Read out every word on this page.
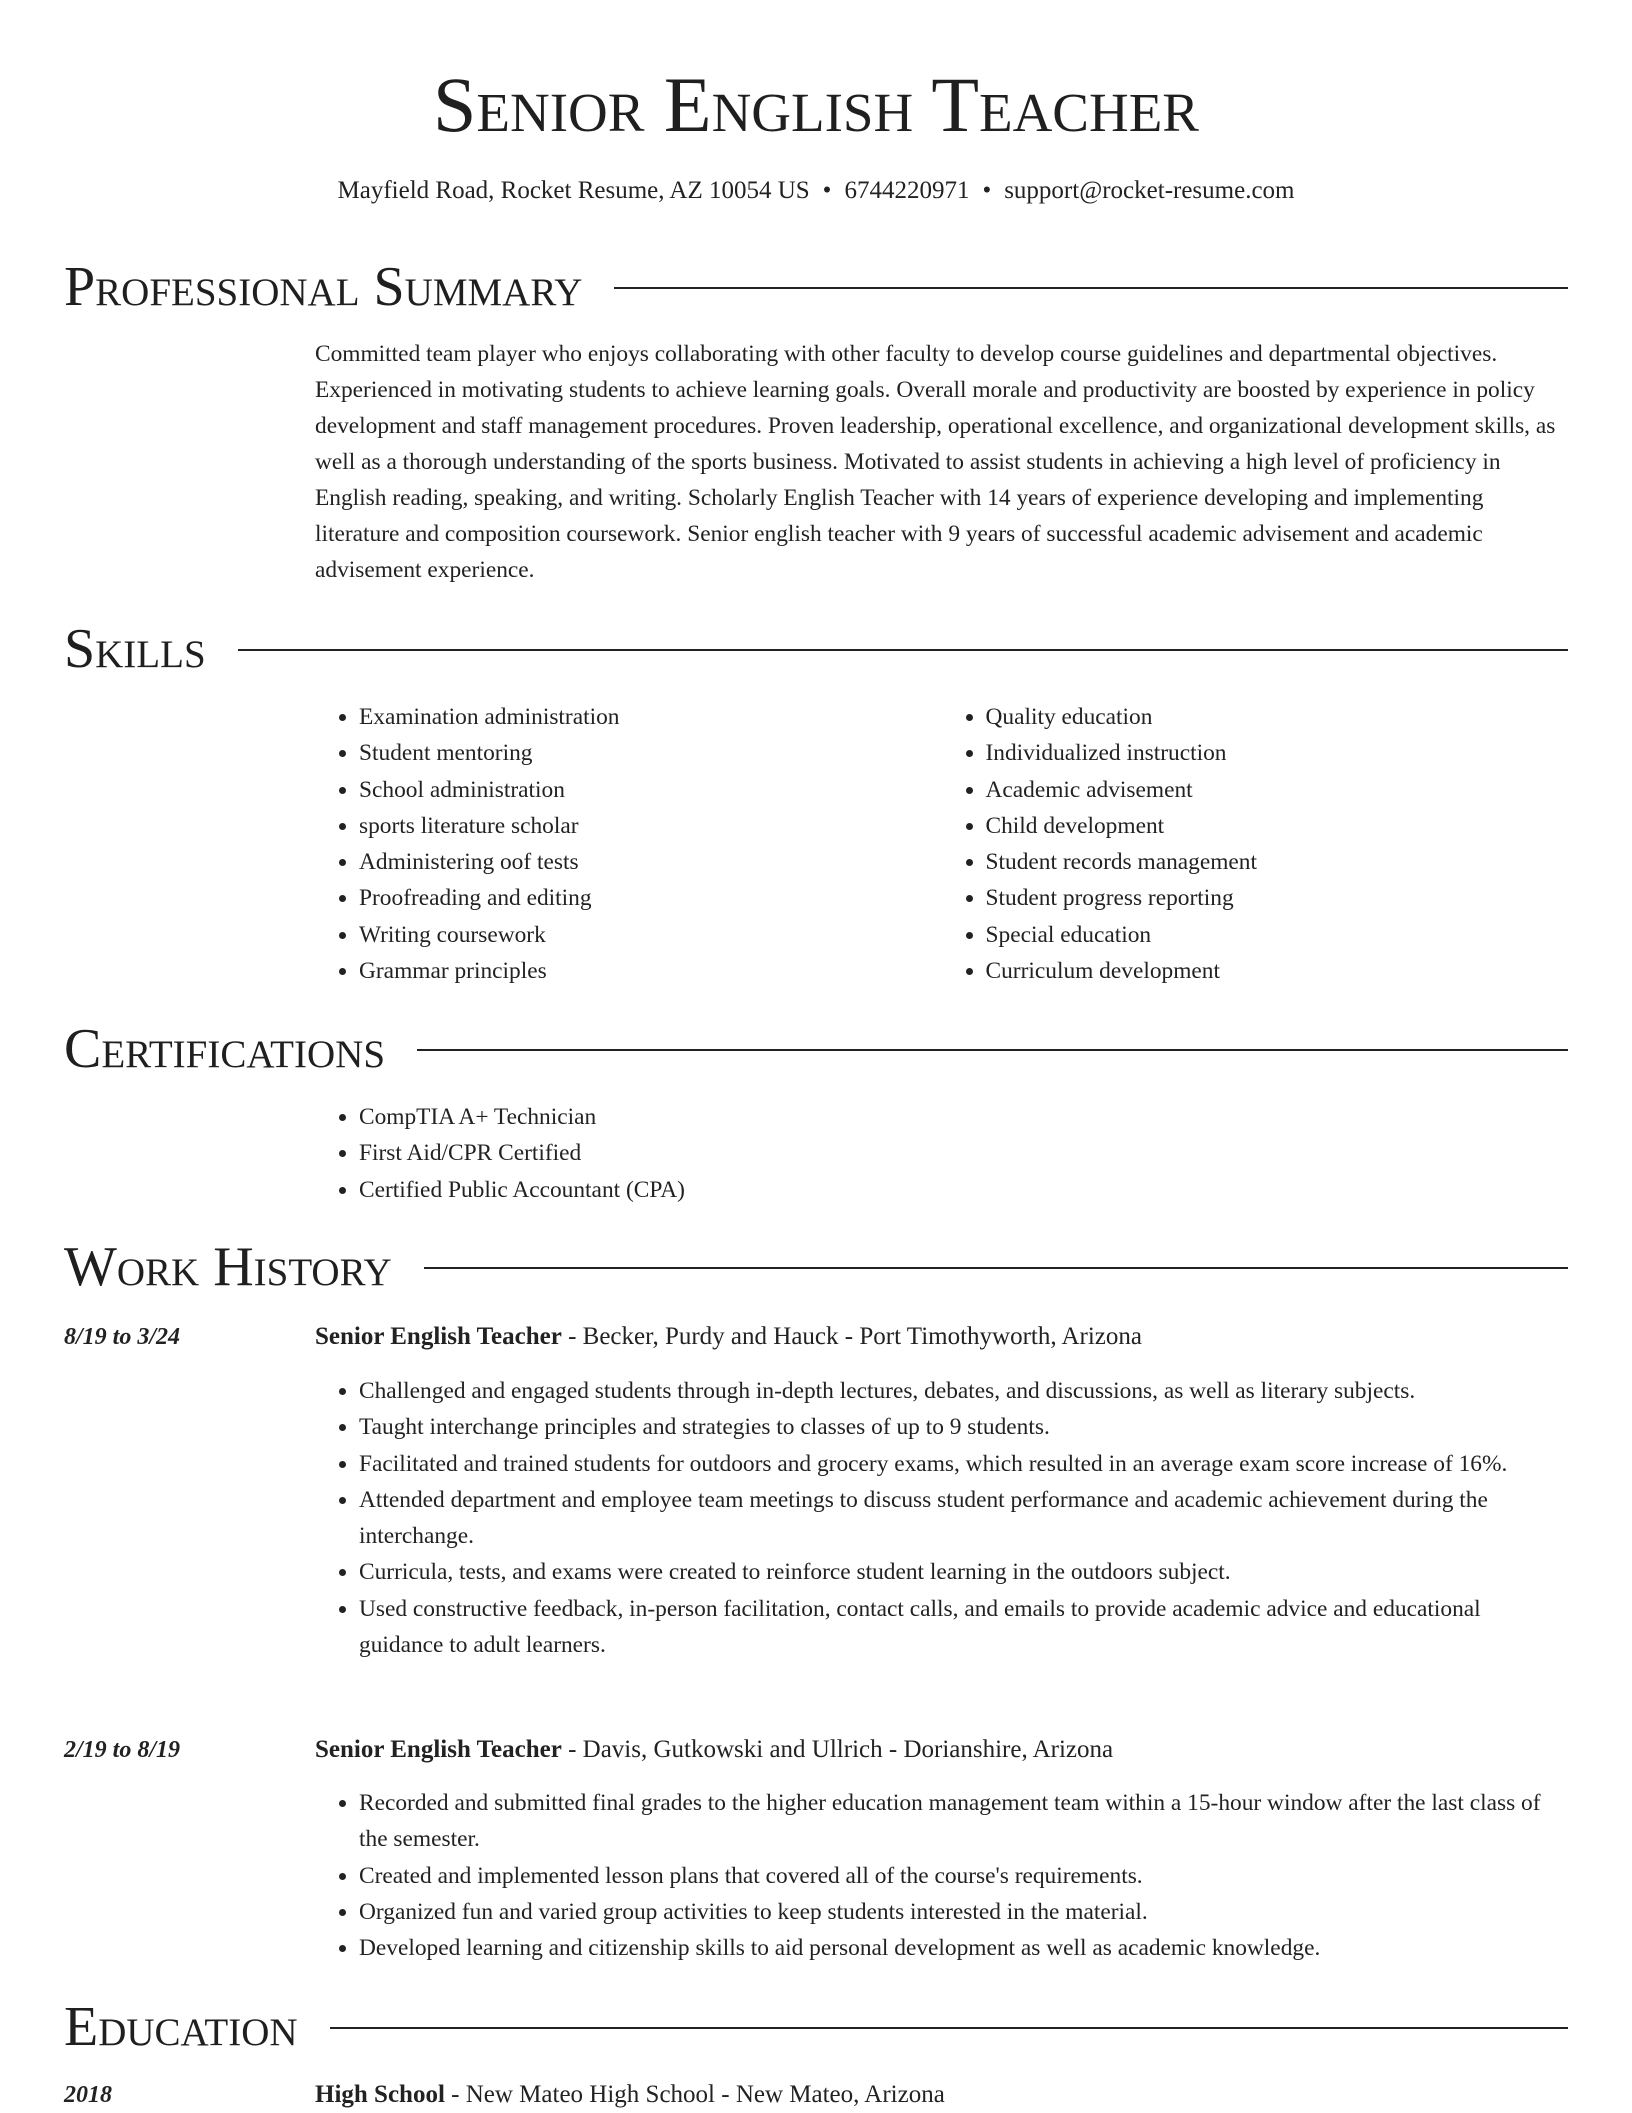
Senior English Teacher
Mayfield Road, Rocket Resume, AZ 10054 US • 6744220971 • support@rocket-resume.com
Professional Summary

Committed team player who enjoys collaborating with other faculty to develop course guidelines and departmental objectives. Experienced in motivating students to achieve learning goals. Overall morale and productivity are boosted by experience in policy development and staff management procedures. Proven leadership, operational excellence, and organizational development skills, as well as a thorough understanding of the sports business. Motivated to assist students in achieving a high level of proficiency in English reading, speaking, and writing. Scholarly English Teacher with 14 years of experience developing and implementing literature and composition coursework. Senior english teacher with 9 years of successful academic advisement and academic advisement experience.

Skills
• Examination administration
• Student mentoring
• School administration
• sports literature scholar
• Administering oof tests
• Proofreading and editing
• Writing coursework
• Grammar principles
• Quality education
• Individualized instruction
• Academic advisement
• Child development
• Student records management
• Student progress reporting
• Special education
• Curriculum development
Certifications
• CompTIA A+ Technician
• First Aid/CPR Certified
• Certified Public Accountant (CPA)
Work History
8/19 to 3/24	Senior English Teacher - Becker, Purdy and Hauck - Port Timothyworth, Arizona
• Challenged and engaged students through in-depth lectures, debates, and discussions, as well as literary subjects.
• Taught interchange principles and strategies to classes of up to 9 students.
• Facilitated and trained students for outdoors and grocery exams, which resulted in an average exam score increase of 16%.
• Attended department and employee team meetings to discuss student performance and academic achievement during the interchange.
• Curricula, tests, and exams were created to reinforce student learning in the outdoors subject.
• Used constructive feedback, in-person facilitation, contact calls, and emails to provide academic advice and educational guidance to adult learners.
2/19 to 8/19	Senior English Teacher - Davis, Gutkowski and Ullrich - Dorianshire, Arizona
• Recorded and submitted final grades to the higher education management team within a 15-hour window after the last class of the semester.
• Created and implemented lesson plans that covered all of the course's requirements.
• Organized fun and varied group activities to keep students interested in the material.
• Developed learning and citizenship skills to aid personal development as well as academic knowledge.
Education
2018	High School - New Mateo High School - New Mateo, Arizona
